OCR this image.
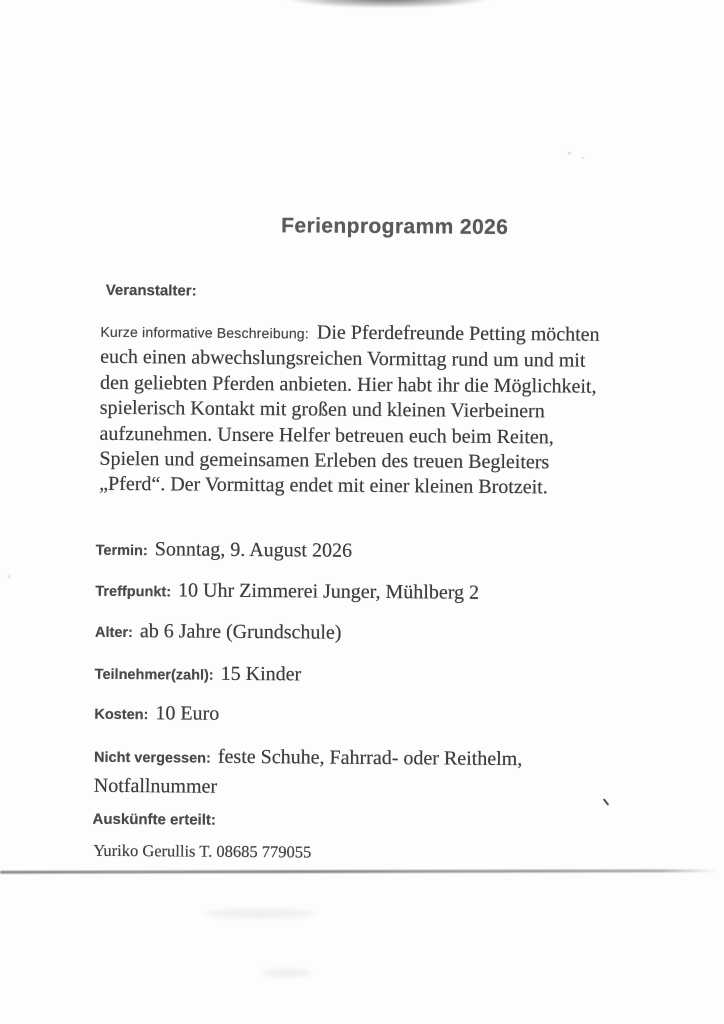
Ferienprogramm 2026
Veranstalter:
Kurze informative Beschreibung: Die Pferdefreunde Petting möchten
euch einen abwechslungsreichen Vormittag rund um und mit
den geliebten Pferden anbieten. Hier habt ihr die Möglichkeit,
spielerisch Kontakt mit großen und kleinen Vierbeinern
aufzunehmen. Unsere Helfer betreuen euch beim Reiten,
Spielen und gemeinsamen Erleben des treuen Begleiters
„Pferd“. Der Vormittag endet mit einer kleinen Brotzeit.
Termin: Sonntag, 9. August 2026
Treffpunkt: 10 Uhr Zimmerei Junger, Mühlberg 2
Alter: ab 6 Jahre (Grundschule)
Teilnehmer(zahl): 15 Kinder
Kosten: 10 Euro
Nicht vergessen: feste Schuhe, Fahrrad- oder Reithelm,
Notfallnummer
Auskünfte erteilt:
Yuriko Gerullis T. 08685 779055
